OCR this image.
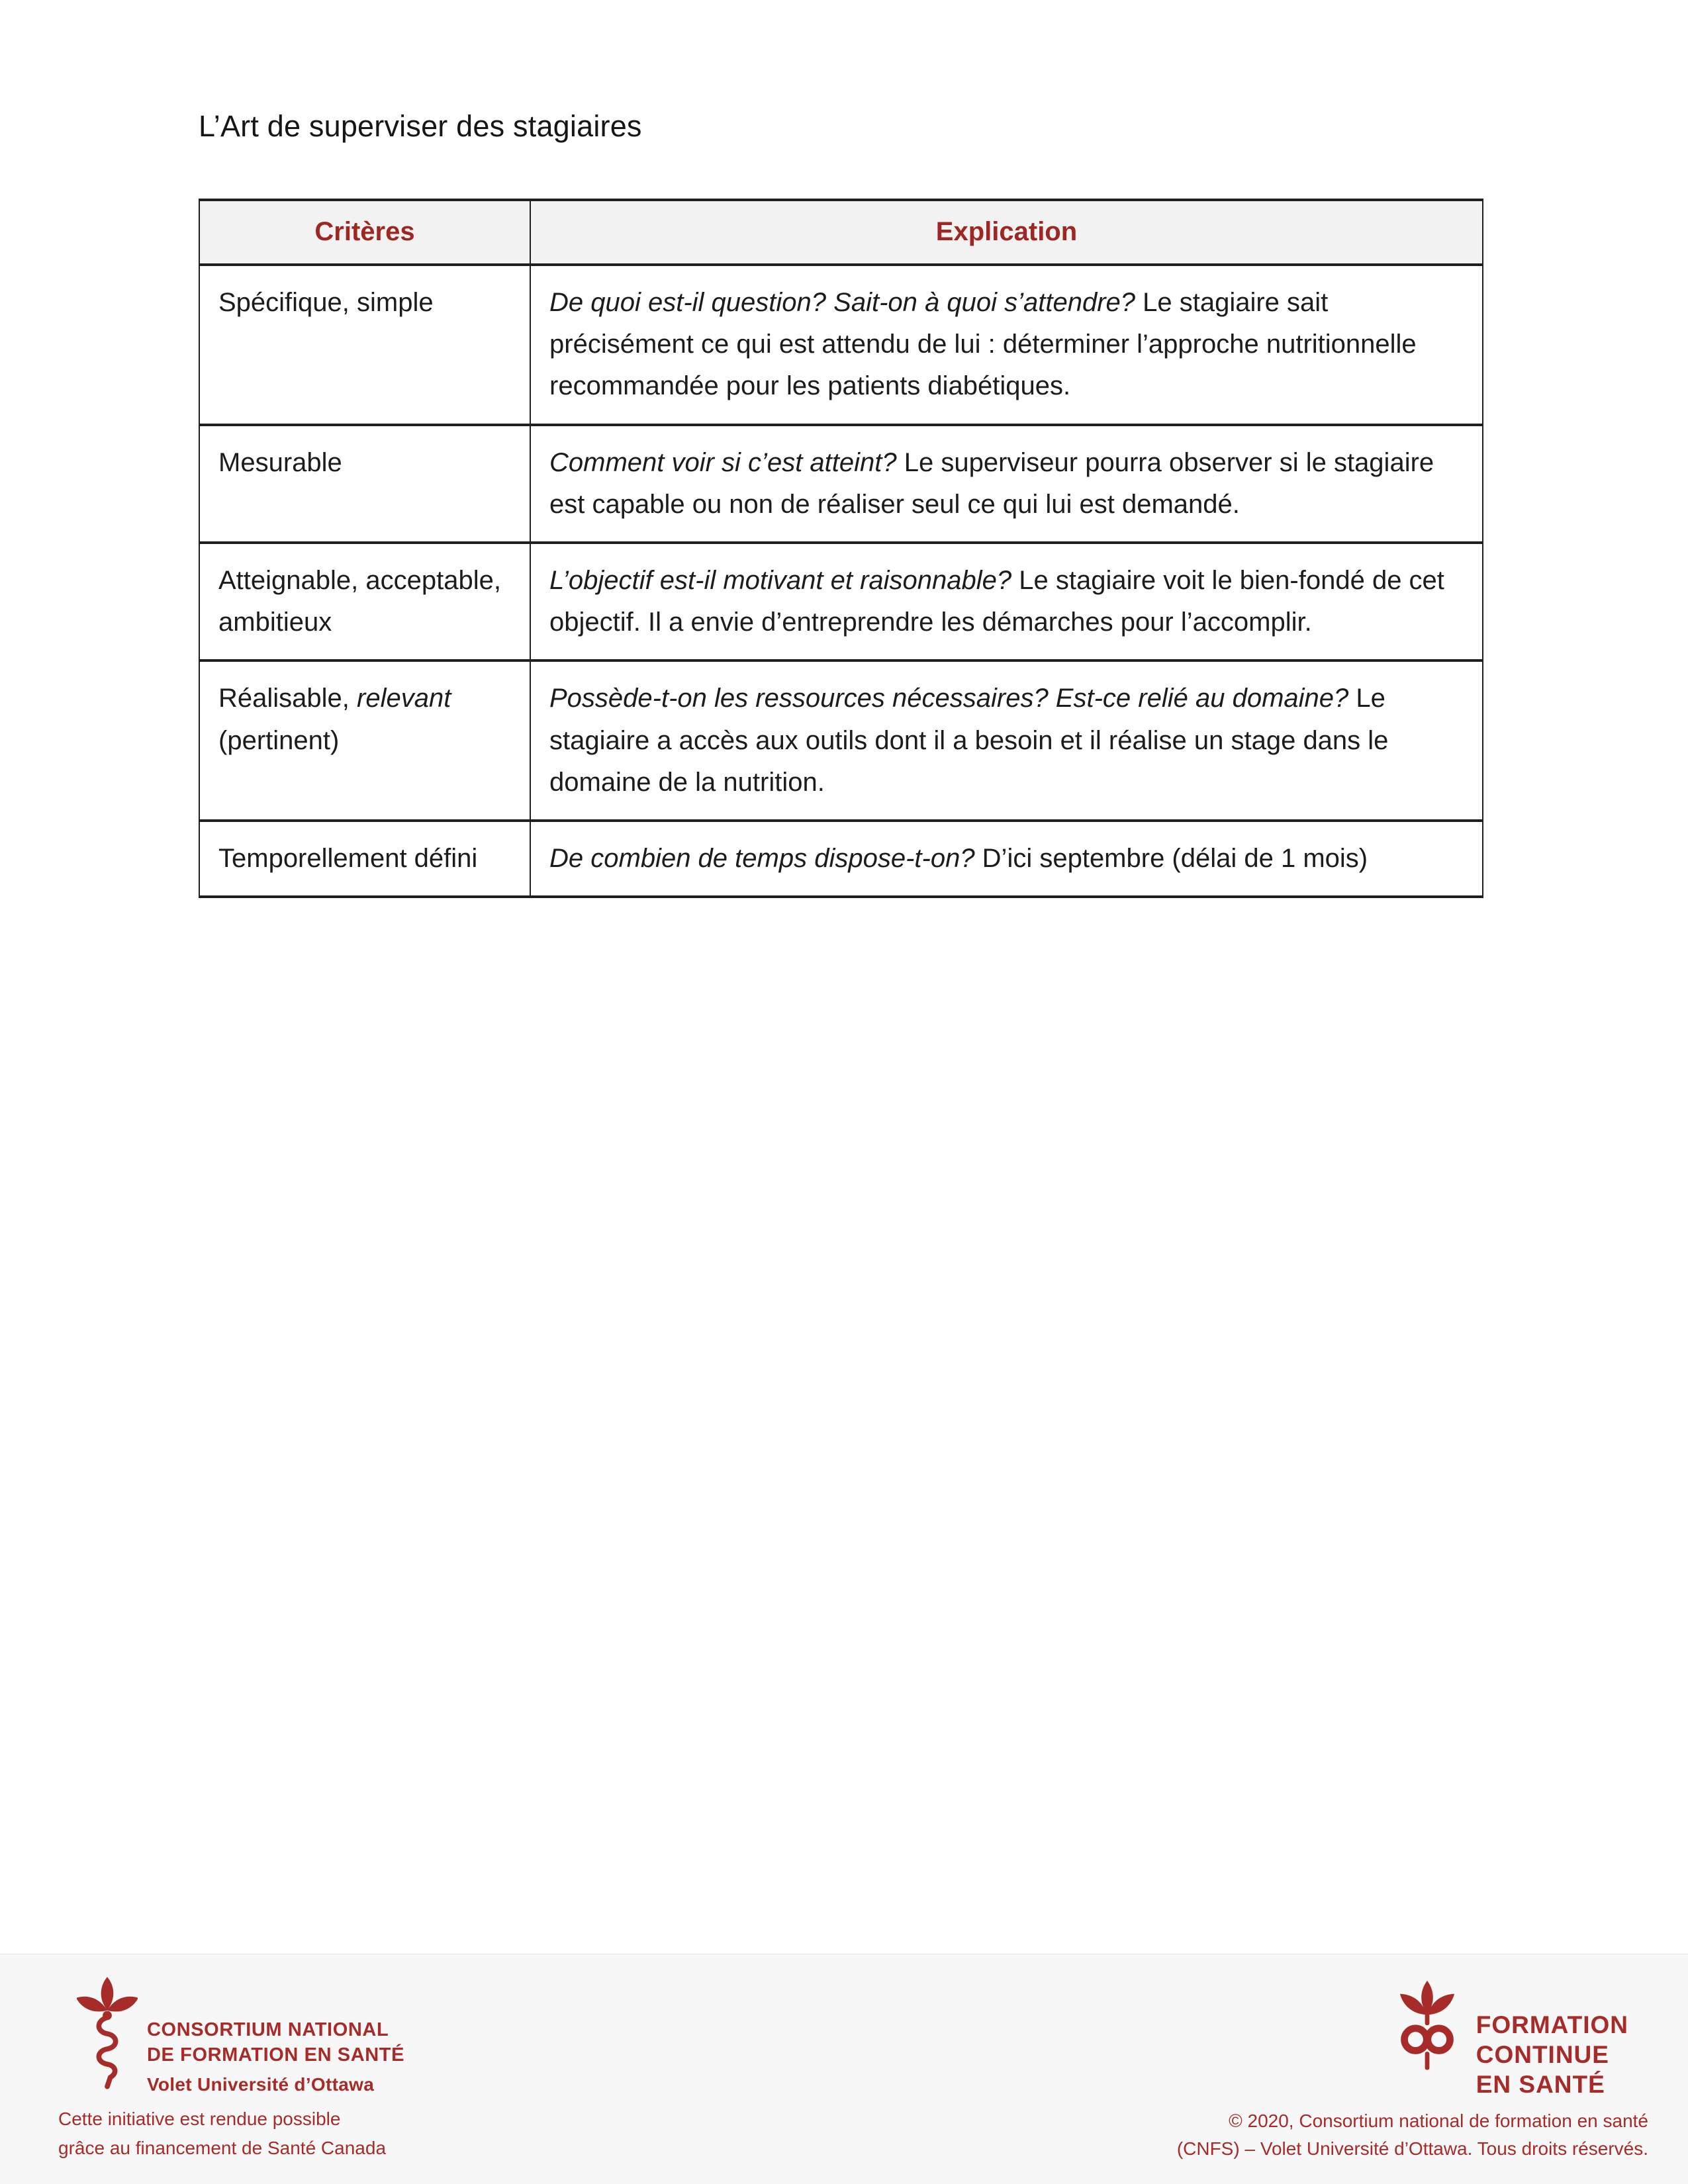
L’Art de superviser des stagiaires
Critères	Explication
Spécifique, simple	De quoi est-il question? Sait-on à quoi s’attendre? Le stagiaire sait précisément ce qui est attendu de lui : déterminer l’approche nutritionnelle recommandée pour les patients diabétiques.
Mesurable	Comment voir si c’est atteint? Le superviseur pourra observer si le stagiaire est capable ou non de réaliser seul ce qui lui est demandé.
Atteignable, acceptable, ambitieux	L’objectif est-il motivant et raisonnable? Le stagiaire voit le bien-fondé de cet objectif. Il a envie d’entreprendre les démarches pour l’accomplir.
Réalisable, relevant (pertinent)	Possède-t-on les ressources nécessaires? Est-ce relié au domaine? Le stagiaire a accès aux outils dont il a besoin et il réalise un stage dans le domaine de la nutrition.
Temporellement défini	De combien de temps dispose-t-on? D’ici septembre (délai de 1 mois)
CONSORTIUM NATIONAL
DE FORMATION EN SANTÉ
Volet Université d’Ottawa
Cette initiative est rendue possible
grâce au financement de Santé Canada
FORMATION
CONTINUE
EN SANTÉ
© 2020, Consortium national de formation en santé
(CNFS) – Volet Université d’Ottawa. Tous droits réservés.
